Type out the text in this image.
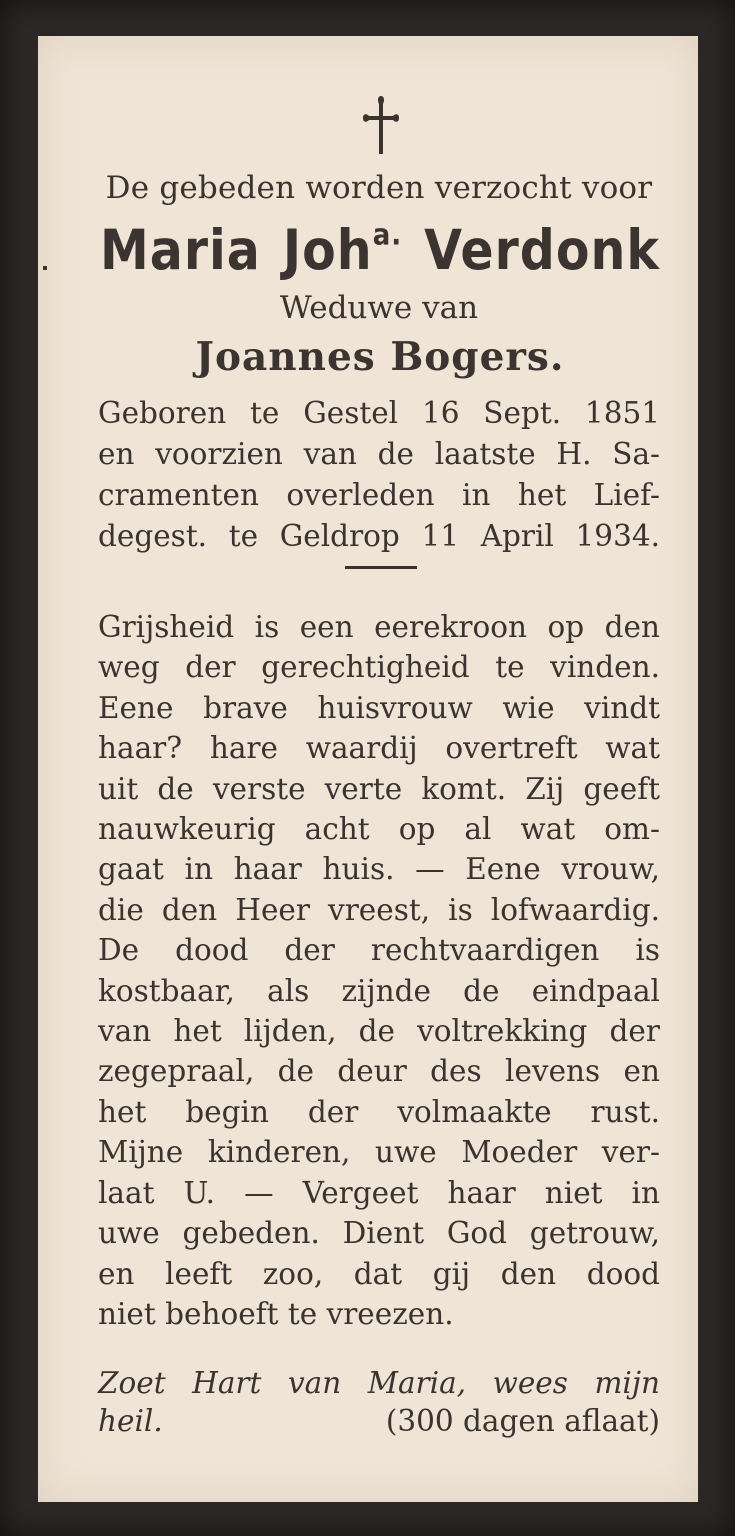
De gebeden worden verzocht voor
Maria Joh$^{a.}$ Verdonk
Weduwe van
Joannes Bogers.
Geboren te Gestel 16 Sept. 1851
en voorzien van de laatste H. Sa-
cramenten overleden in het Lief-
degest. te Geldrop 11 April 1934.
Grijsheid is een eerekroon op den
weg der gerechtigheid te vinden.
Eene brave huisvrouw wie vindt
haar? hare waardij overtreft wat
uit de verste verte komt. Zij geeft
nauwkeurig acht op al wat om-
gaat in haar huis. — Eene vrouw,
die den Heer vreest, is lofwaardig.
De dood der rechtvaardigen is
kostbaar, als zijnde de eindpaal
van het lijden, de voltrekking der
zegepraal, de deur des levens en
het begin der volmaakte rust.
Mijne kinderen, uwe Moeder ver-
laat U. — Vergeet haar niet in
uwe gebeden. Dient God getrouw,
en leeft zoo, dat gij den dood
niet behoeft te vreezen.
Zoet Hart van Maria, wees mijn
heil.	(300 dagen aflaat)
